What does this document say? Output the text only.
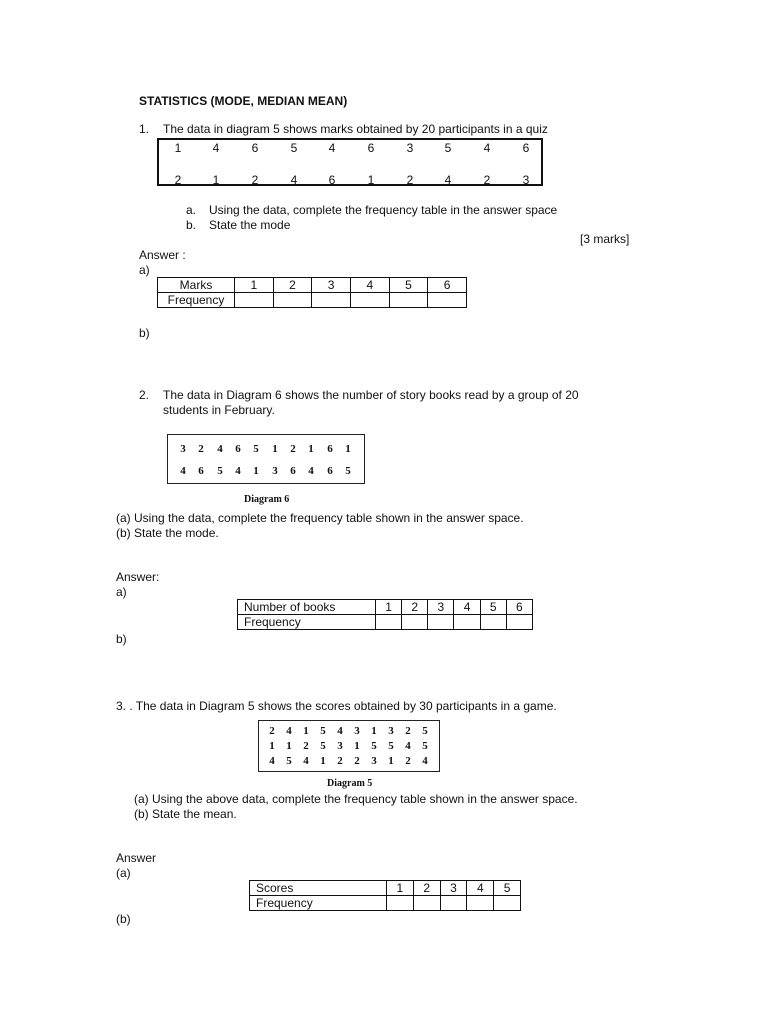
STATISTICS (MODE, MEDIAN MEAN)
1. The data in diagram 5 shows marks obtained by 20 participants in a quiz
1	4	6	5	4	6	3	5	4	6
2	1	2	4	6	1	2	4	2	3
a. Using the data, complete the frequency table in the answer space
b. State the mode
[3 marks]
Answer :
a)
Marks	1	2	3	4	5	6
Frequency						
b)
2. The data in Diagram 6 shows the number of story books read by a group of 20
students in February.
3	2	4	6	5	1	2	1	6	1
4	6	5	4	1	3	6	4	6	5
Diagram 6
(a) Using the data, complete the frequency table shown in the answer space.
(b) State the mode.
Answer:
a)
Number of books	1	2	3	4	5	6
Frequency						
b)
3. . The data in Diagram 5 shows the scores obtained by 30 participants in a game.
2	4	1	5	4	3	1	3	2	5
1	1	2	5	3	1	5	5	4	5
4	5	4	1	2	2	3	1	2	4
Diagram 5
(a) Using the above data, complete the frequency table shown in the answer space.
(b) State the mean.
Answer
(a)
Scores	1	2	3	4	5
Frequency					
(b)
